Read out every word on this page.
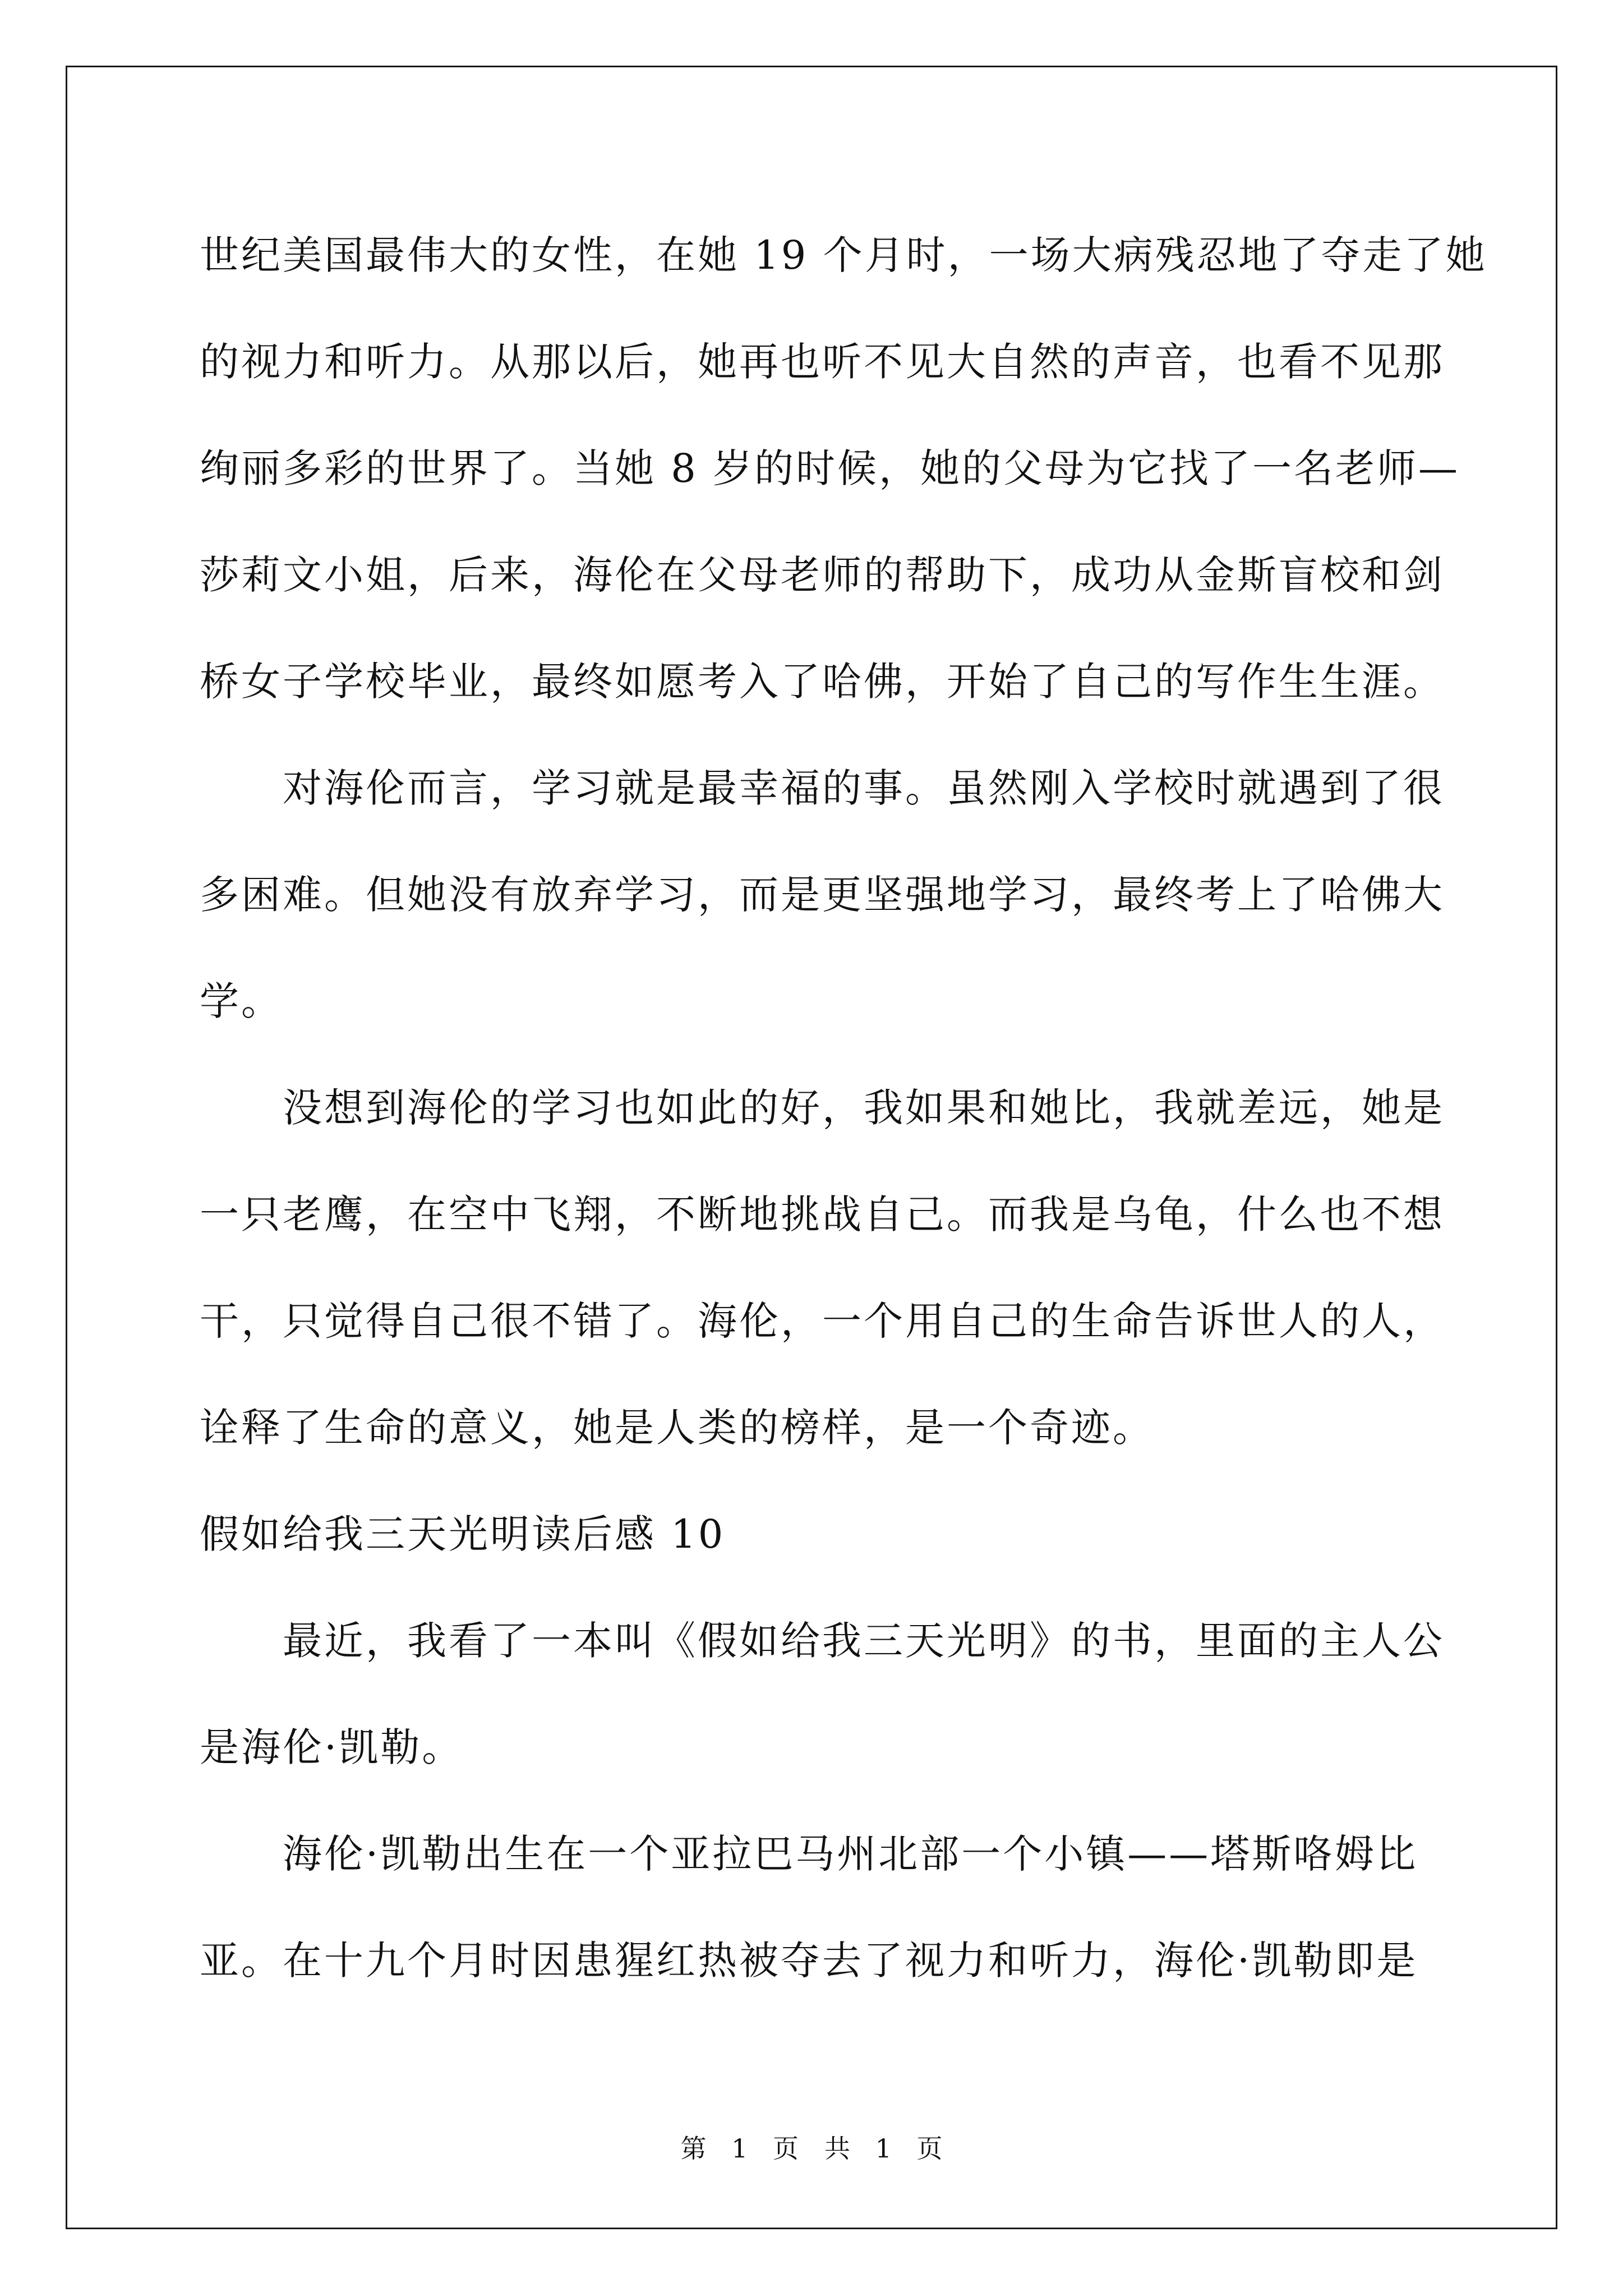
世纪美国最伟大的女性，在她 19 个月时，一场大病残忍地了夺走了她
的视力和听力。从那以后，她再也听不见大自然的声音，也看不见那
绚丽多彩的世界了。当她 8 岁的时候，她的父母为它找了一名老师—
莎莉文小姐，后来，海伦在父母老师的帮助下，成功从金斯盲校和剑
桥女子学校毕业，最终如愿考入了哈佛，开始了自己的写作生生涯。
　　对海伦而言，学习就是最幸福的事。虽然刚入学校时就遇到了很
多困难。但她没有放弃学习，而是更坚强地学习，最终考上了哈佛大
学。
　　没想到海伦的学习也如此的好，我如果和她比，我就差远，她是
一只老鹰，在空中飞翔，不断地挑战自己。而我是乌龟，什么也不想
干，只觉得自己很不错了。海伦，一个用自己的生命告诉世人的人，
诠释了生命的意义，她是人类的榜样，是一个奇迹。
假如给我三天光明读后感 10
　　最近，我看了一本叫《假如给我三天光明》的书，里面的主人公
是海伦·凯勒。
　　海伦·凯勒出生在一个亚拉巴马州北部一个小镇——塔斯咯姆比
亚。在十九个月时因患猩红热被夺去了视力和听力，海伦·凯勒即是
第 1 页　共 1 页
